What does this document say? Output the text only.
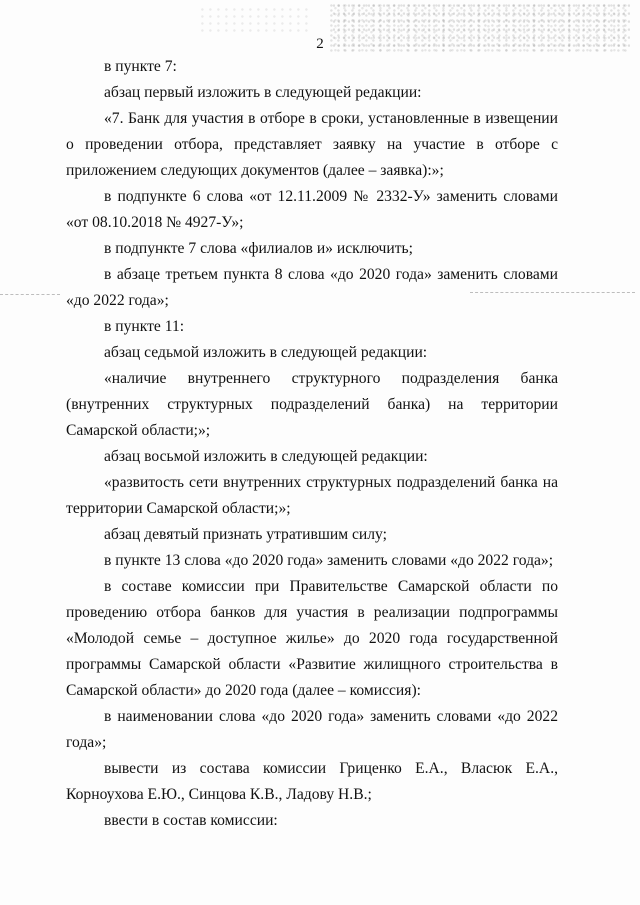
2

в пункте 7:

абзац первый изложить в следующей редакции:

«7. Банк для участия в отборе в сроки, установленные в извещении о проведении отбора, представляет заявку на участие в отборе с приложением следующих документов (далее – заявка):»;

в подпункте 6 слова «от 12.11.2009 № 2332-У» заменить словами «от 08.10.2018 № 4927-У»;

в подпункте 7 слова «филиалов и» исключить;

в абзаце третьем пункта 8 слова «до 2020 года» заменить словами «до 2022 года»;

в пункте 11:

абзац седьмой изложить в следующей редакции:

«наличие внутреннего структурного подразделения банка (внутренних структурных подразделений банка) на территории Самарской области;»;

абзац восьмой изложить в следующей редакции:

«развитость сети внутренних структурных подразделений банка на территории Самарской области;»;

абзац девятый признать утратившим силу;

в пункте 13 слова «до 2020 года» заменить словами «до 2022 года»;

в составе комиссии при Правительстве Самарской области по проведению отбора банков для участия в реализации подпрограммы «Молодой семье – доступное жилье» до 2020 года государственной программы Самарской области «Развитие жилищного строительства в Самарской области» до 2020 года (далее – комиссия):

в наименовании слова «до 2020 года» заменить словами «до 2022 года»;

вывести из состава комиссии Гриценко Е.А., Власюк Е.А., Корноухова Е.Ю., Синцова К.В., Ладову Н.В.;

ввести в состав комиссии:
